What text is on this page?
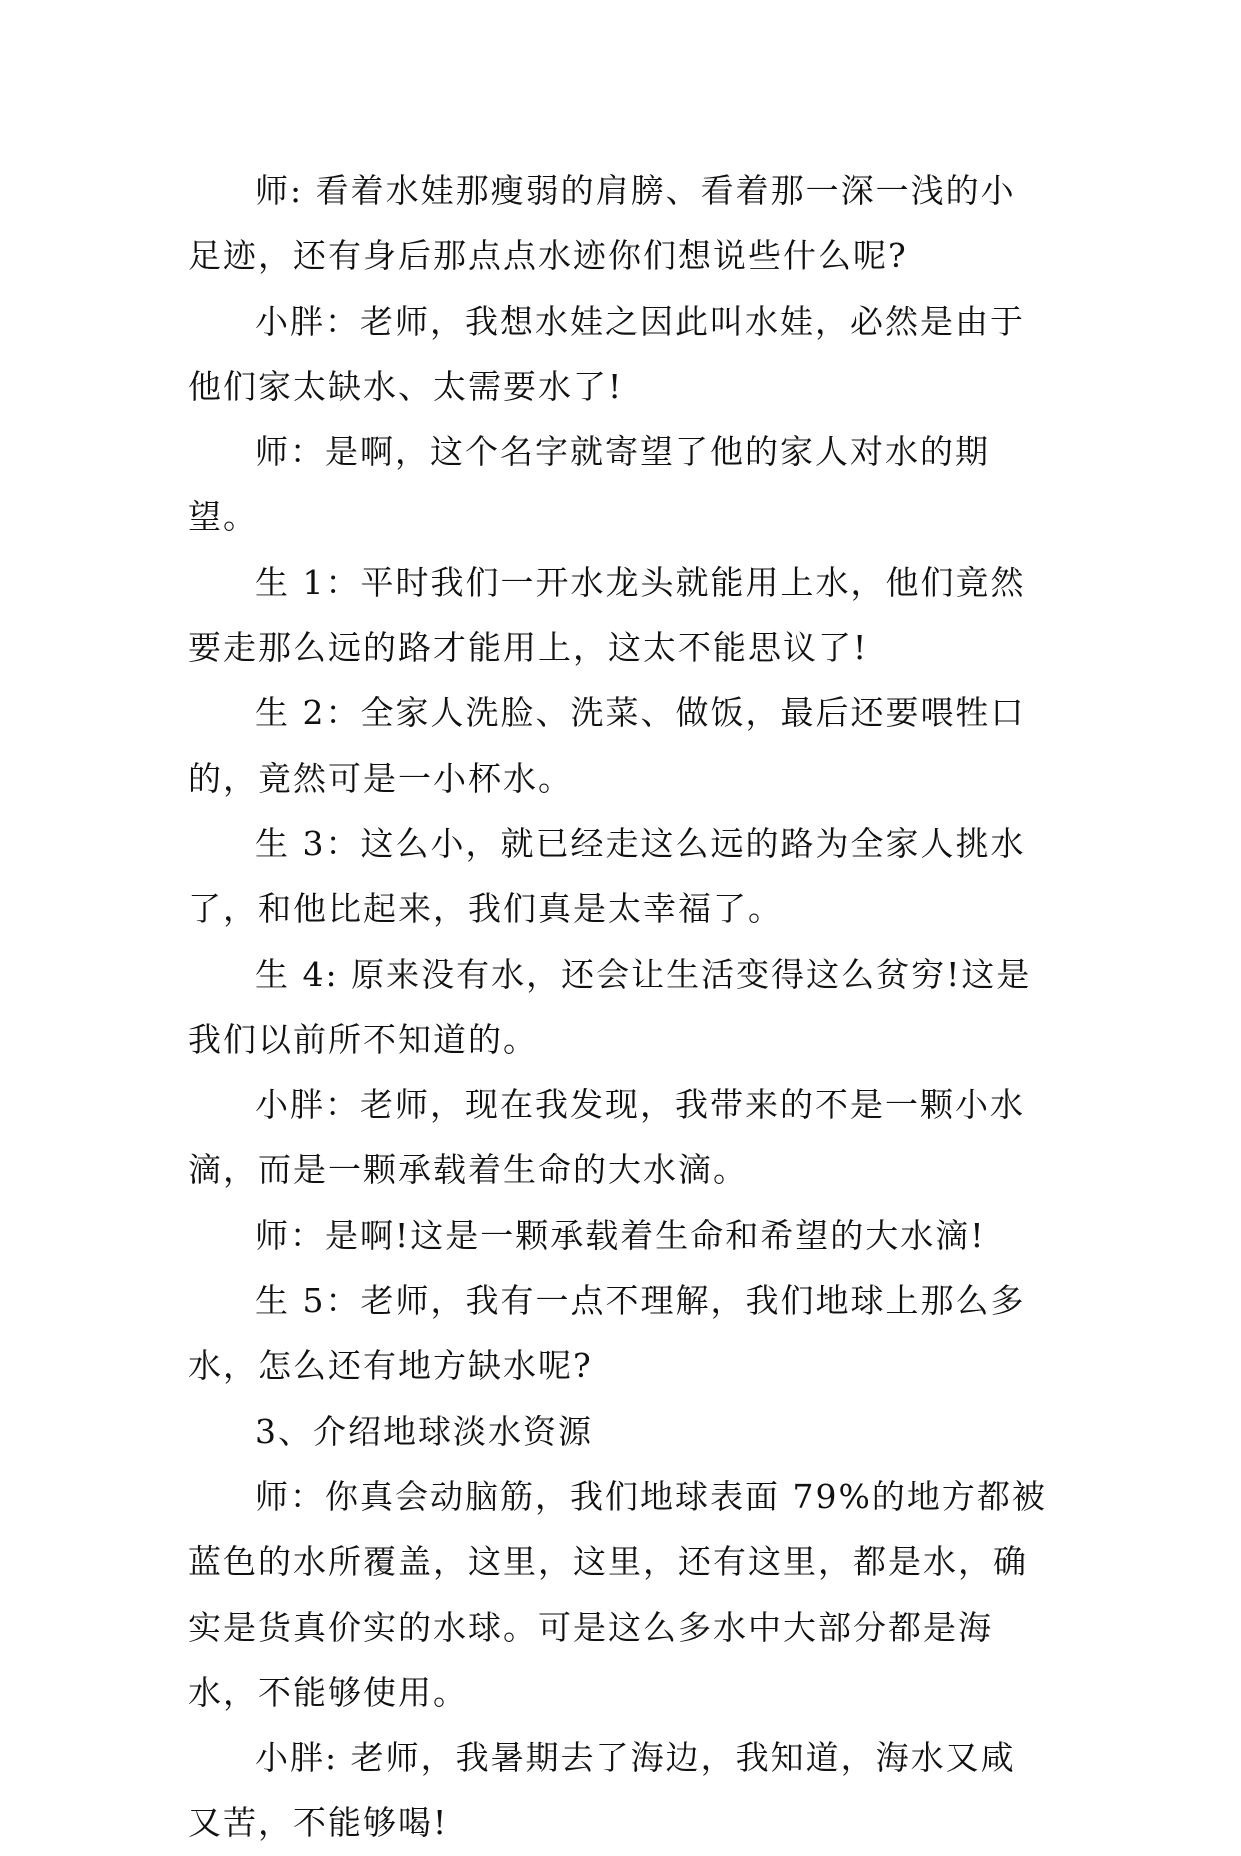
师: 看着水娃那瘦弱的肩膀、看着那一深一浅的小足迹，还有身后那点点水迹你们想说些什么呢?

小胖：老师，我想水娃之因此叫水娃，必然是由于他们家太缺水、太需要水了!

师：是啊，这个名字就寄望了他的家人对水的期望。

生 1：平时我们一开水龙头就能用上水，他们竟然要走那么远的路才能用上，这太不能思议了!

生 2：全家人洗脸、洗菜、做饭，最后还要喂牲口的，竟然可是一小杯水。

生 3：这么小，就已经走这么远的路为全家人挑水了，和他比起来，我们真是太幸福了。

生 4: 原来没有水，还会让生活变得这么贫穷!这是我们以前所不知道的。

小胖：老师，现在我发现，我带来的不是一颗小水滴，而是一颗承载着生命的大水滴。

师：是啊!这是一颗承载着生命和希望的大水滴!

生 5：老师，我有一点不理解，我们地球上那么多水，怎么还有地方缺水呢?

3、介绍地球淡水资源

师：你真会动脑筋，我们地球表面 79%的地方都被蓝色的水所覆盖，这里，这里，还有这里，都是水，确实是货真价实的水球。可是这么多水中大部分都是海水，不能够使用。

小胖: 老师，我暑期去了海边，我知道，海水又咸又苦，不能够喝!
